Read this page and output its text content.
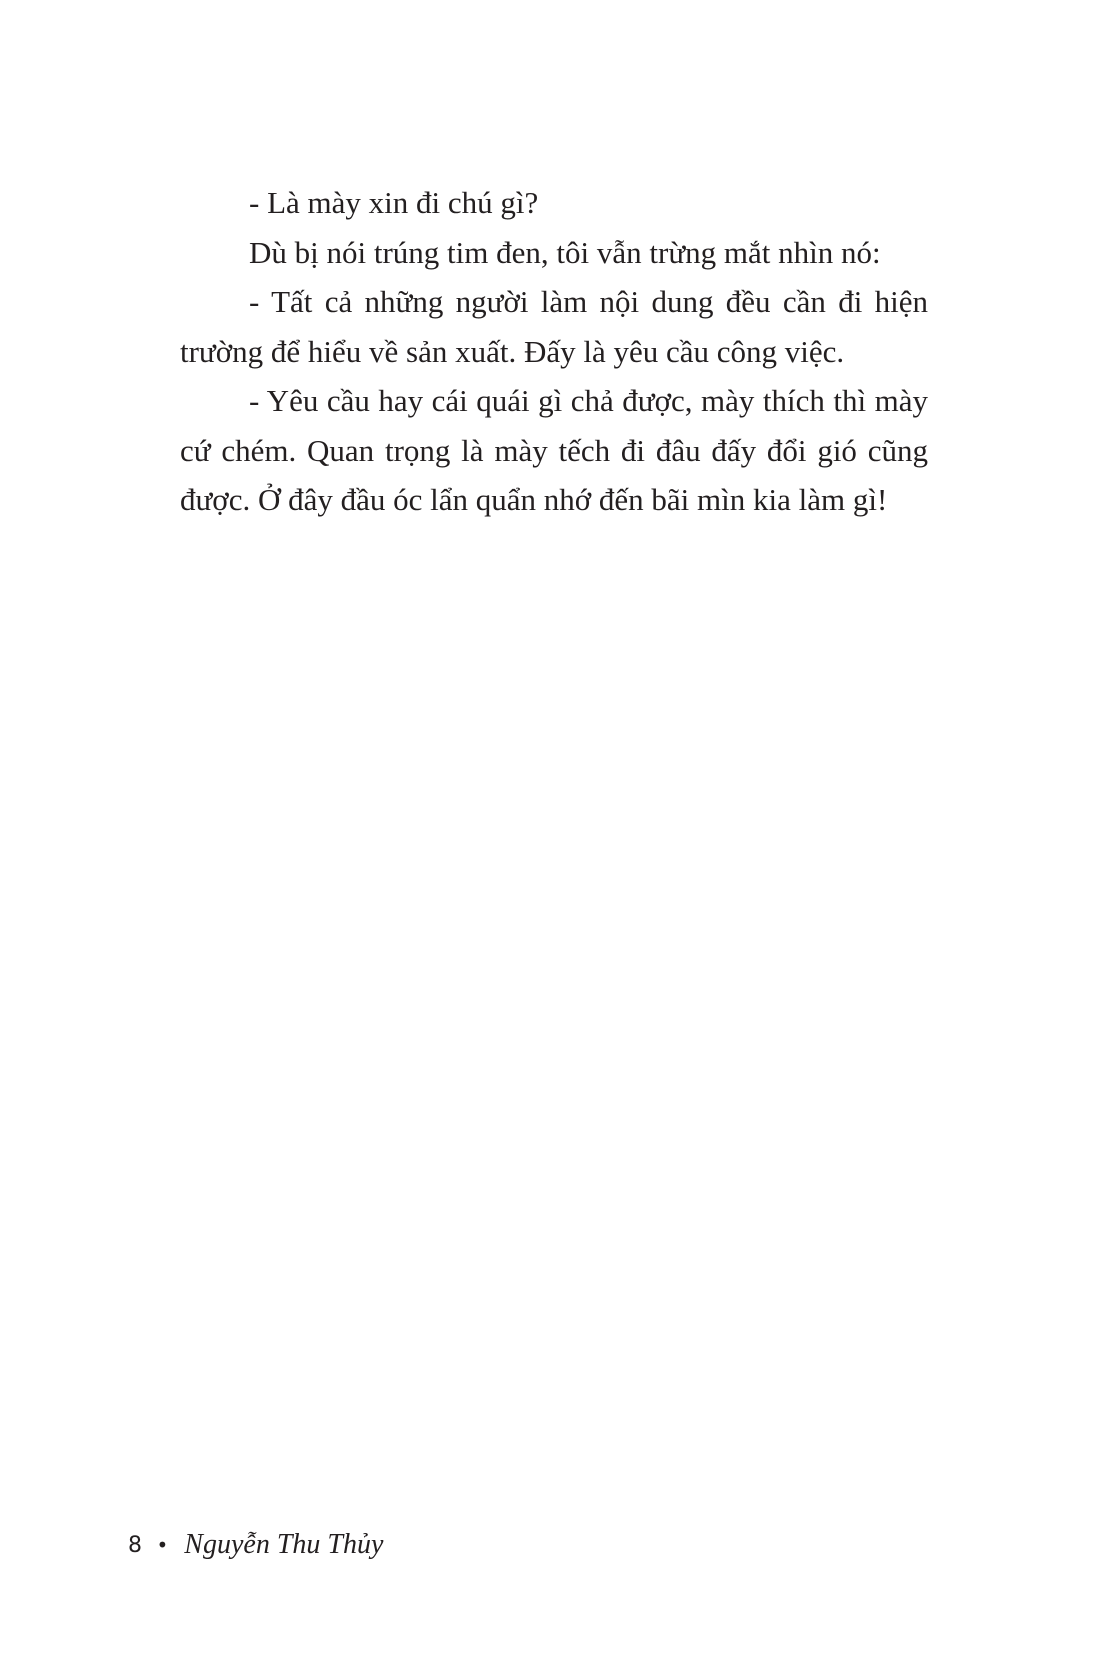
- Là mày xin đi chú gì?

Dù bị nói trúng tim đen, tôi vẫn trừng mắt nhìn nó:

- Tất cả những người làm nội dung đều cần đi hiện trường để hiểu về sản xuất. Đấy là yêu cầu công việc.

- Yêu cầu hay cái quái gì chả được, mày thích thì mày cứ chém. Quan trọng là mày tếch đi đâu đấy đổi gió cũng được. Ở đây đầu óc lẩn quẩn nhớ đến bãi mìn kia làm gì!

8 • Nguyễn Thu Thủy
